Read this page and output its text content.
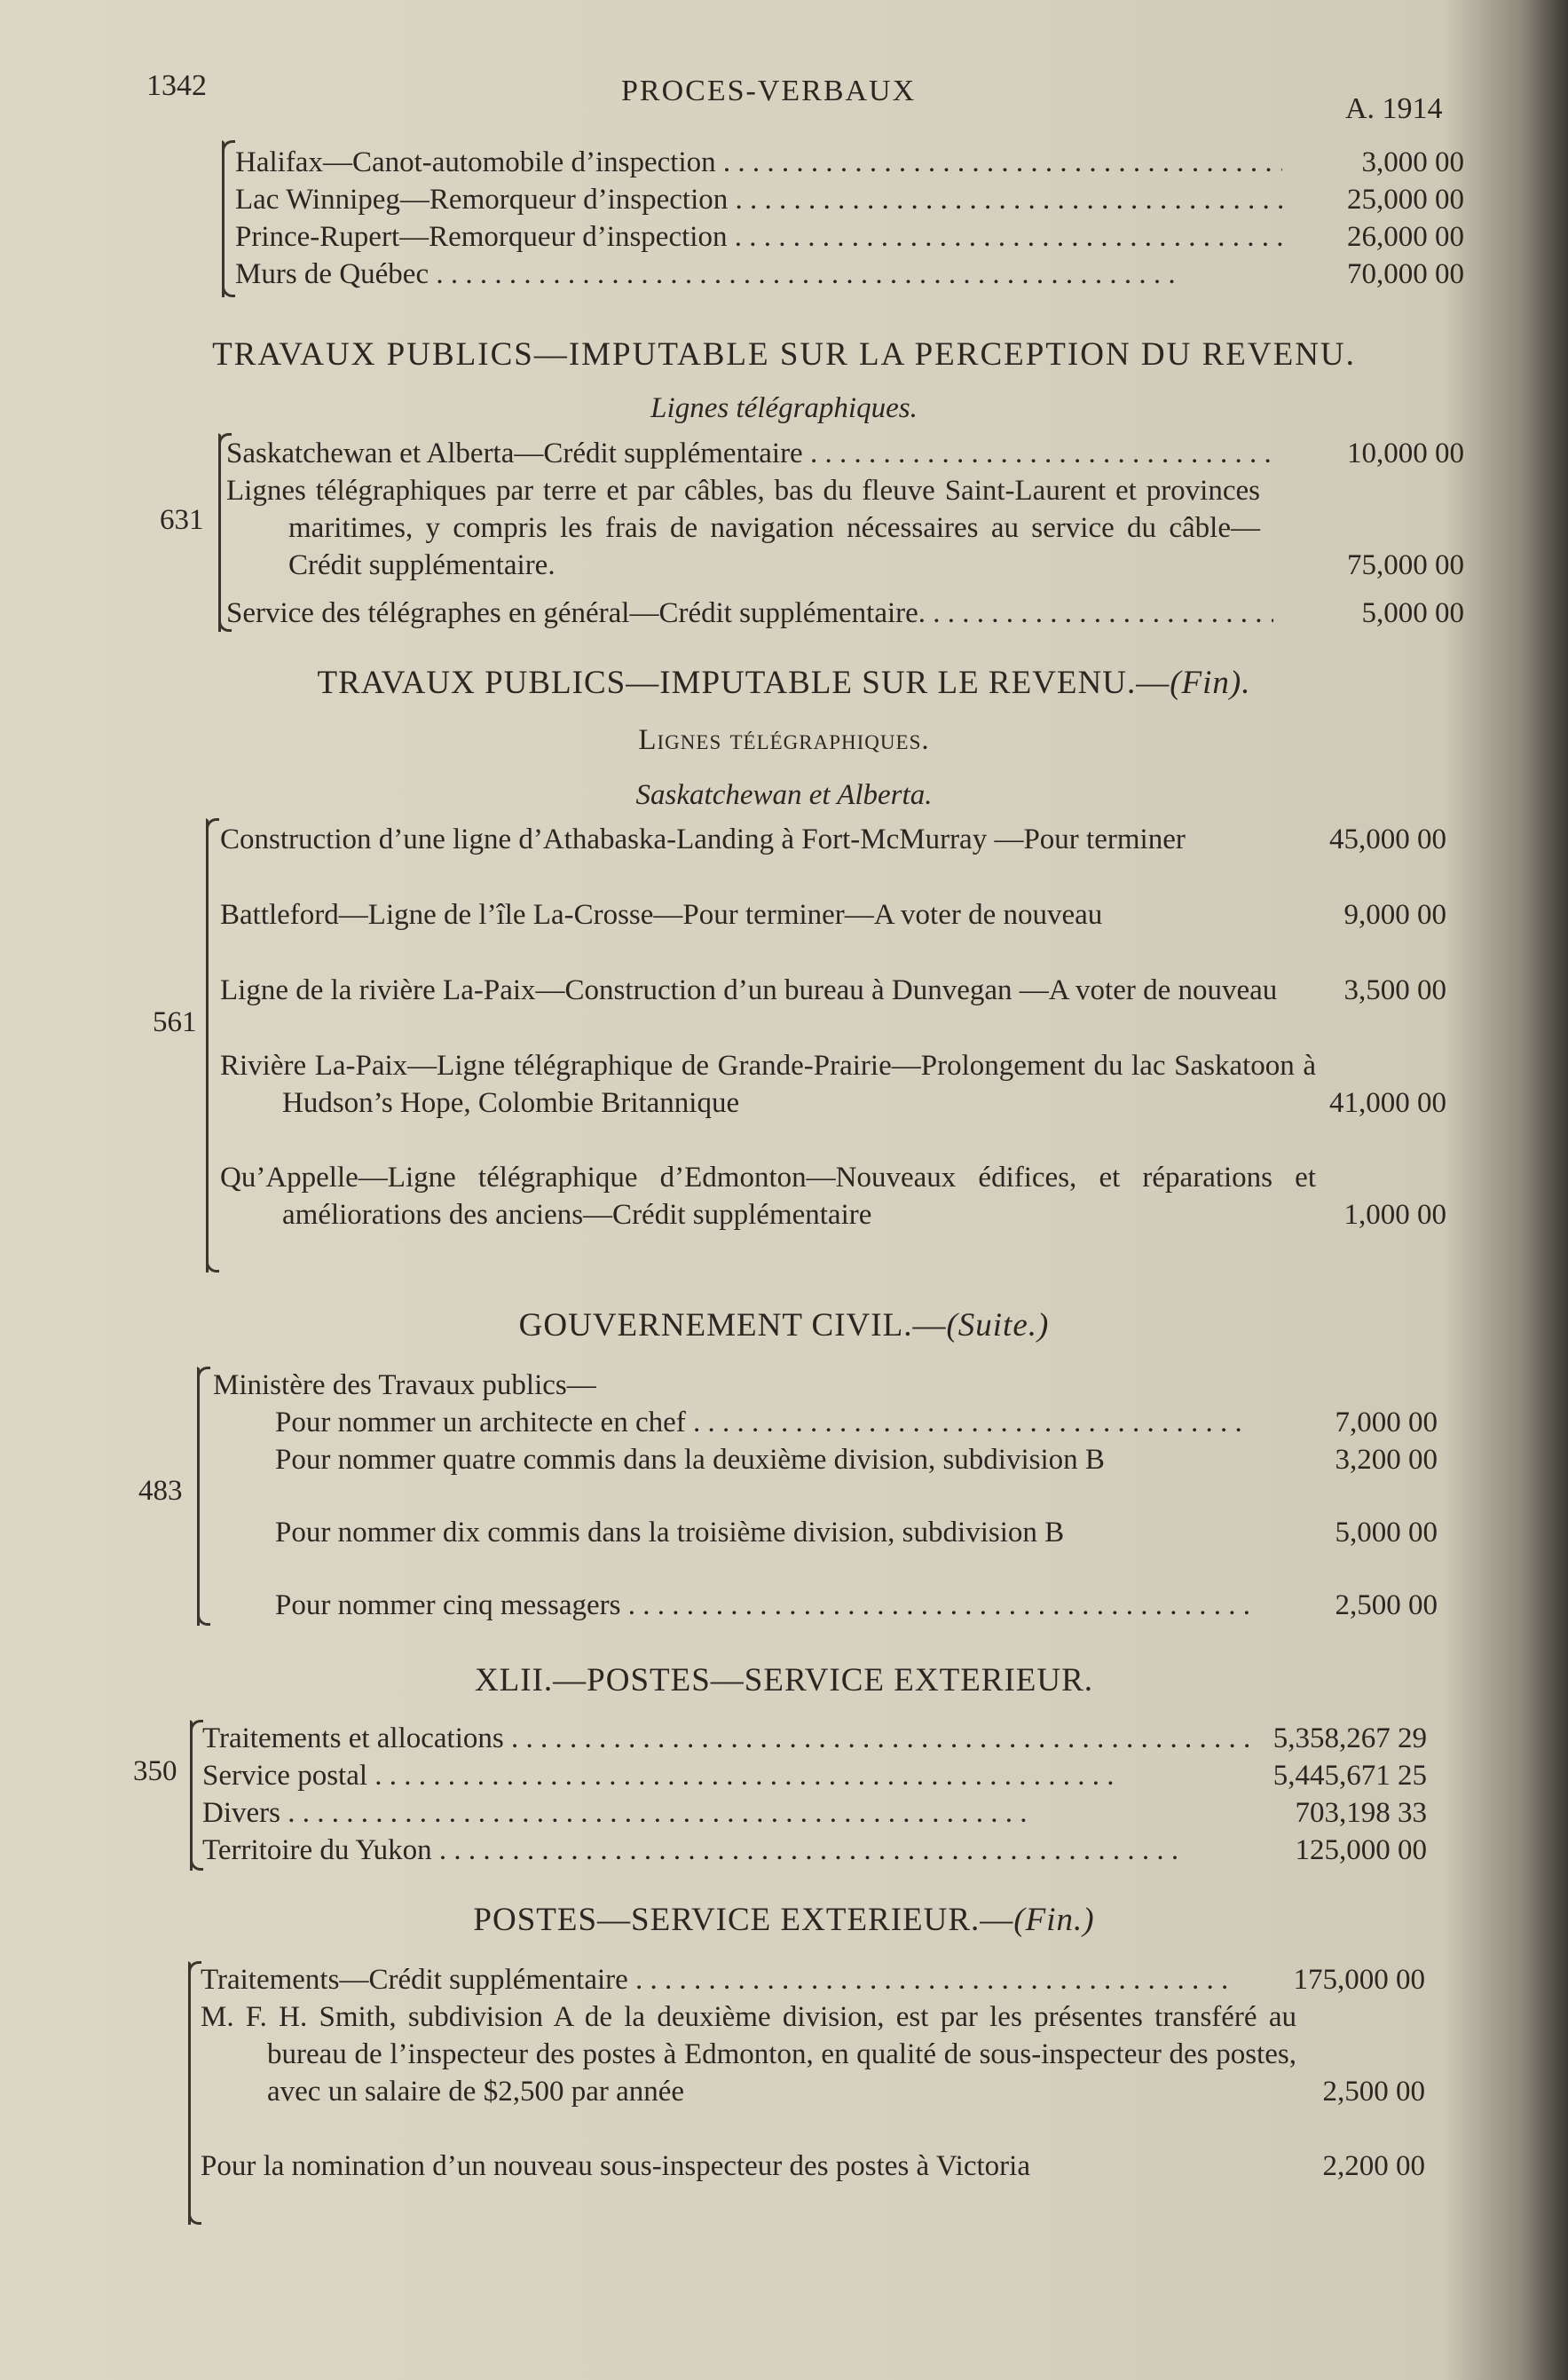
1342	PROCES-VERBAUX
A. 1914
Halifax—Canot-automobile d’inspection . . .	3,000 00
Lac Winnipeg—Remorqueur d’inspection . . .	25,000 00
Prince-Rupert—Remorqueur d’inspection . . .	26,000 00
Murs de Québec . . .	70,000 00
TRAVAUX PUBLICS—IMPUTABLE SUR LA PERCEPTION DU REVENU.
Lignes télégraphiques.
631
Saskatchewan et Alberta—Crédit supplémentaire . . .	10,000 00
Lignes télégraphiques par terre et par câbles, bas du fleuve Saint-Laurent et provinces maritimes, y compris les frais de navigation nécessaires au service du câble—Crédit supplémentaire.	75,000 00
Service des télégraphes en général—Crédit supplémentaire. . . .	5,000 00
TRAVAUX PUBLICS—IMPUTABLE SUR LE REVENU.—(Fin).
Lignes télégraphiques.
Saskatchewan et Alberta.
561
Construction d’une ligne d’Athabaska-Landing à Fort-McMurray —Pour terminer	45,000 00
Battleford—Ligne de l’île La-Crosse—Pour terminer—A voter de nouveau	9,000 00
Ligne de la rivière La-Paix—Construction d’un bureau à Dunvegan —A voter de nouveau	3,500 00
Rivière La-Paix—Ligne télégraphique de Grande-Prairie—Prolongement du lac Saskatoon à Hudson’s Hope, Colombie Britannique	41,000 00
Qu’Appelle—Ligne télégraphique d’Edmonton—Nouveaux édifices, et réparations et améliorations des anciens—Crédit supplémentaire	1,000 00
GOUVERNEMENT CIVIL.—(Suite.)
483
Ministère des Travaux publics—
Pour nommer un architecte en chef . . .	7,000 00
Pour nommer quatre commis dans la deuxième division, subdivision B	3,200 00
Pour nommer dix commis dans la troisième division, subdivision B	5,000 00
Pour nommer cinq messagers . . .	2,500 00
XLII.—POSTES—SERVICE EXTERIEUR.
350
Traitements et allocations . . .	5,358,267 29
Service postal . . .	5,445,671 25
Divers . . .	703,198 33
Territoire du Yukon . . .	125,000 00
POSTES—SERVICE EXTERIEUR.—(Fin.)
Traitements—Crédit supplémentaire . . .	175,000 00
M. F. H. Smith, subdivision A de la deuxième division, est par les présentes transféré au bureau de l’inspecteur des postes à Edmonton, en qualité de sous-inspecteur des postes, avec un salaire de $2,500 par année	2,500 00
Pour la nomination d’un nouveau sous-inspecteur des postes à Victoria	2,200 00
